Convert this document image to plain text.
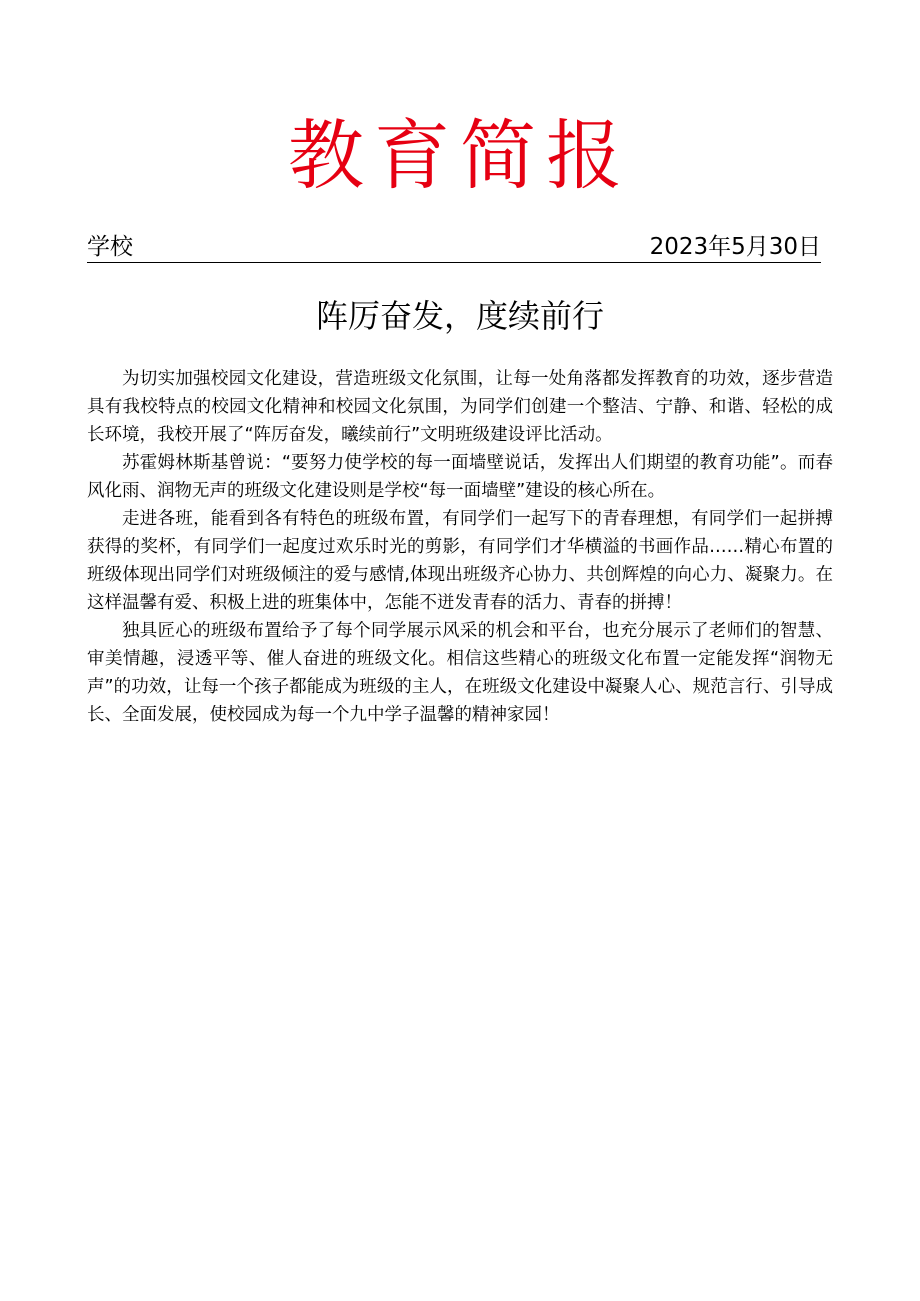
教育简报
学校	2023年5月30日
阵厉奋发，度续前行

为切实加强校园文化建设，营造班级文化氛围，让每一处角落都发挥教育的功效，逐步营造具有我校特点的校园文化精神和校园文化氛围，为同学们创建一个整洁、宁静、和谐、轻松的成长环境，我校开展了“阵厉奋发，曦续前行”文明班级建设评比活动。

苏霍姆林斯基曾说：“要努力使学校的每一面墙壁说话，发挥出人们期望的教育功能”。而春风化雨、润物无声的班级文化建设则是学校“每一面墙壁”建设的核心所在。

走进各班，能看到各有特色的班级布置，有同学们一起写下的青春理想，有同学们一起拼搏获得的奖杯，有同学们一起度过欢乐时光的剪影，有同学们才华横溢的书画作品……精心布置的班级体现出同学们对班级倾注的爱与感情,体现出班级齐心协力、共创辉煌的向心力、凝聚力。在这样温馨有爱、积极上进的班集体中，怎能不迸发青春的活力、青春的拼搏！

独具匠心的班级布置给予了每个同学展示风采的机会和平台，也充分展示了老师们的智慧、审美情趣，浸透平等、催人奋进的班级文化。相信这些精心的班级文化布置一定能发挥“润物无声”的功效，让每一个孩子都能成为班级的主人，在班级文化建设中凝聚人心、规范言行、引导成长、全面发展，使校园成为每一个九中学子温馨的精神家园！
